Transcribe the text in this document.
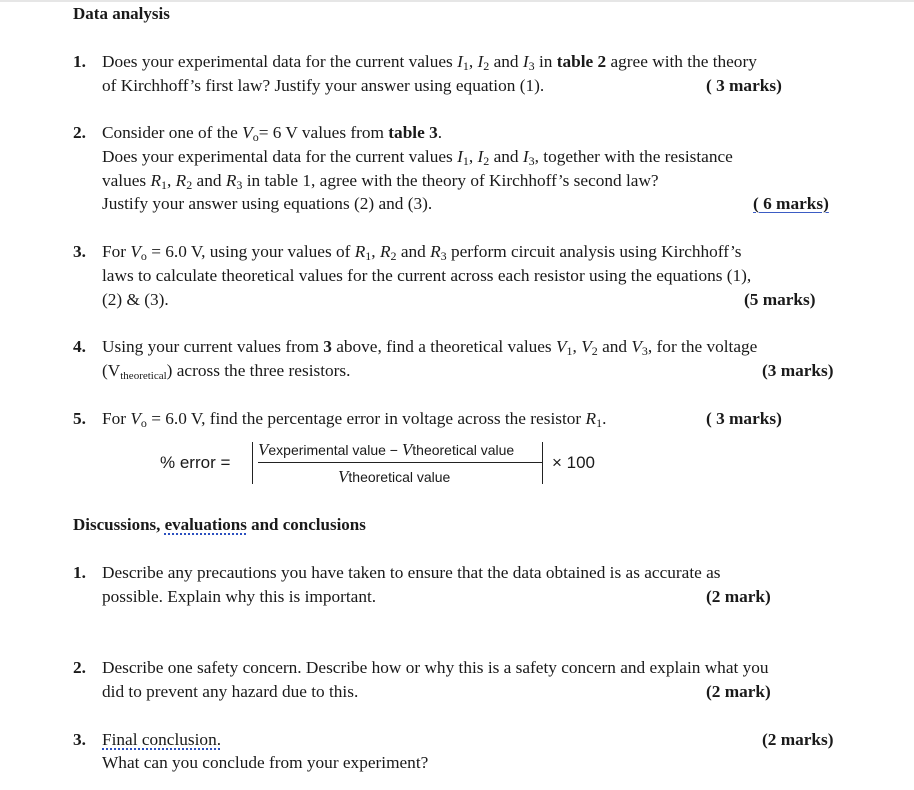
Data analysis
1. Does your experimental data for the current values $I_1$, $I_2$ and $I_3$ in table 2 agree with the theory
of Kirchhoff’s first law? Justify your answer using equation (1).	( 3 marks)
2. Consider one of the $V_o= 6$ V values from table 3.
Does your experimental data for the current values $I_1$, $I_2$ and $I_3$, together with the resistance
values $R_1$, $R_2$ and $R_3$ in table 1, agree with the theory of Kirchhoff’s second law?
Justify your answer using equations (2) and (3).	( 6 marks)
3. For $V_o = 6.0$ V, using your values of $R_1$, $R_2$ and $R_3$ perform circuit analysis using Kirchhoff’s
laws to calculate theoretical values for the current across each resistor using the equations (1),
(2) & (3).	(5 marks)
4. Using your current values from 3 above, find a theoretical values $V_1$, $V_2$ and $V_3$, for the voltage
$(V_{theoretical})$ across the three resistors.	(3 marks)
5. For $V_o = 6.0$ V, find the percentage error in voltage across the resistor $R_1$.	( 3 marks)
% error =
Vexperimental value − Vtheoretical value
Vtheoretical value
× 100
Discussions, evaluations and conclusions
1. Describe any precautions you have taken to ensure that the data obtained is as accurate as
possible. Explain why this is important.	(2 mark)
2. Describe one safety concern. Describe how or why this is a safety concern and explain what you
did to prevent any hazard due to this.	(2 mark)
3. Final conclusion.
What can you conclude from your experiment?
(2 marks)
